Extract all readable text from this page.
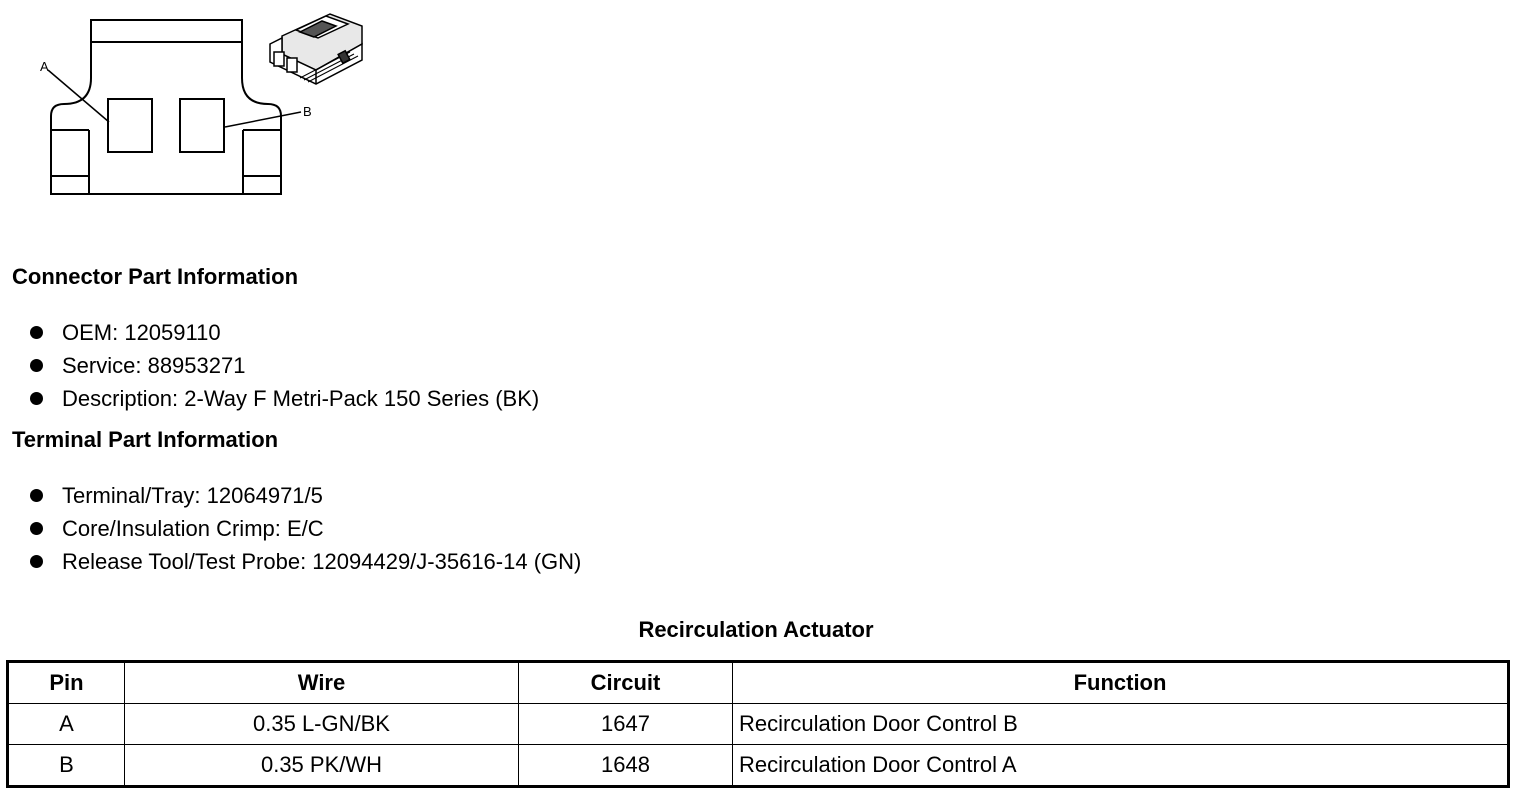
A
B
Connector Part Information
OEM: 12059110
Service: 88953271
Description: 2-Way F Metri-Pack 150 Series (BK)
Terminal Part Information
Terminal/Tray: 12064971/5
Core/Insulation Crimp: E/C
Release Tool/Test Probe: 12094429/J-35616-14 (GN)
Recirculation Actuator
Pin	Wire	Circuit	Function
A	0.35 L-GN/BK	1647	Recirculation Door Control B
B	0.35 PK/WH	1648	Recirculation Door Control A
